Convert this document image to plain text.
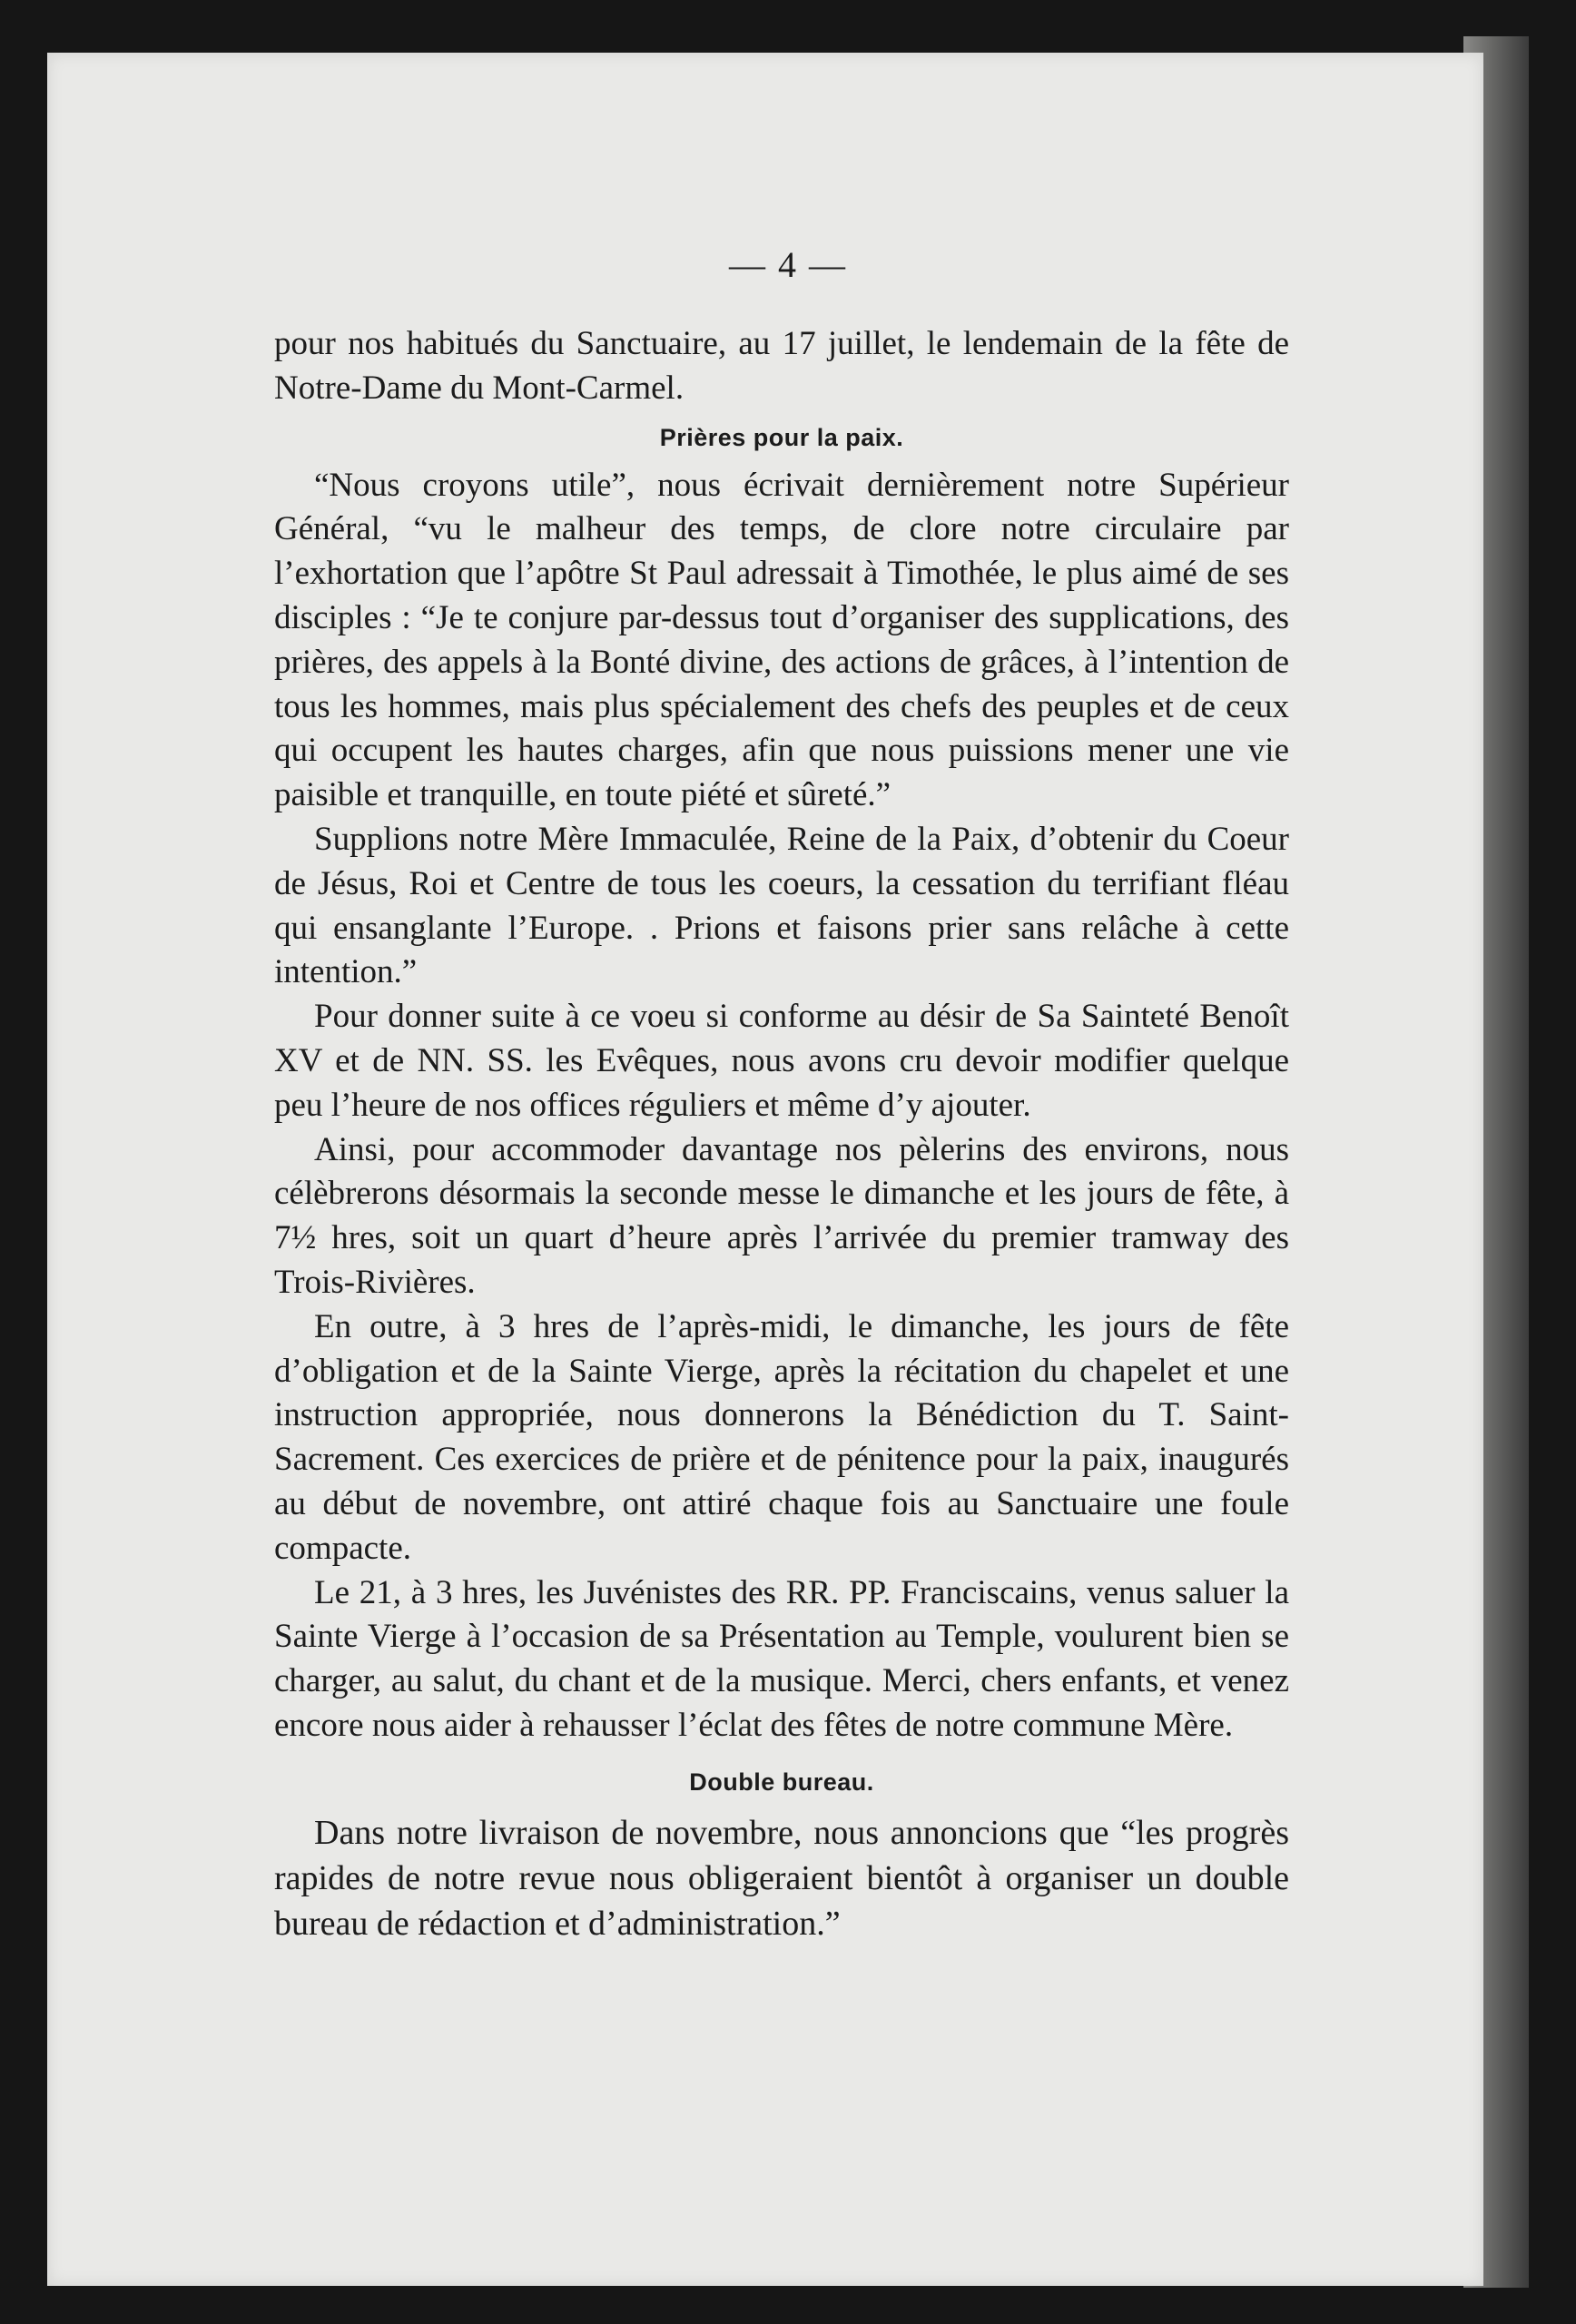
— 4 —

pour nos habitués du Sanctuaire, au 17 juillet, le lendemain de la fête de Notre-Dame du Mont-Carmel.

Prières pour la paix.

“Nous croyons utile”, nous écrivait dernièrement notre Supérieur Général, “vu le malheur des temps, de clore notre circulaire par l’exhortation que l’apôtre St Paul adressait à Timothée, le plus aimé de ses disciples : “Je te conjure par-dessus tout d’organiser des supplications, des prières, des appels à la Bonté divine, des actions de grâces, à l’intention de tous les hommes, mais plus spécialement des chefs des peuples et de ceux qui occupent les hautes charges, afin que nous puissions mener une vie paisible et tranquille, en toute piété et sûreté.”

Supplions notre Mère Immaculée, Reine de la Paix, d’obtenir du Coeur de Jésus, Roi et Centre de tous les coeurs, la cessation du terrifiant fléau qui ensanglante l’Europe. . Prions et faisons prier sans relâche à cette intention.”

Pour donner suite à ce voeu si conforme au désir de Sa Sainteté Benoît XV et de NN. SS. les Evêques, nous avons cru devoir modifier quelque peu l’heure de nos offices réguliers et même d’y ajouter.

Ainsi, pour accommoder davantage nos pèlerins des environs, nous célèbrerons désormais la seconde messe le dimanche et les jours de fête, à 7½ hres, soit un quart d’heure après l’arrivée du premier tramway des Trois-Rivières.

En outre, à 3 hres de l’après-midi, le dimanche, les jours de fête d’obligation et de la Sainte Vierge, après la récitation du chapelet et une instruction appropriée, nous donnerons la Bénédiction du T. Saint-Sacrement. Ces exercices de prière et de pénitence pour la paix, inaugurés au début de novembre, ont attiré chaque fois au Sanctuaire une foule compacte.

Le 21, à 3 hres, les Juvénistes des RR. PP. Franciscains, venus saluer la Sainte Vierge à l’occasion de sa Présentation au Temple, voulurent bien se charger, au salut, du chant et de la musique. Merci, chers enfants, et venez encore nous aider à rehausser l’éclat des fêtes de notre commune Mère.

Double bureau.

Dans notre livraison de novembre, nous annoncions que “les progrès rapides de notre revue nous obligeraient bientôt à organiser un double bureau de rédaction et d’administration.”
